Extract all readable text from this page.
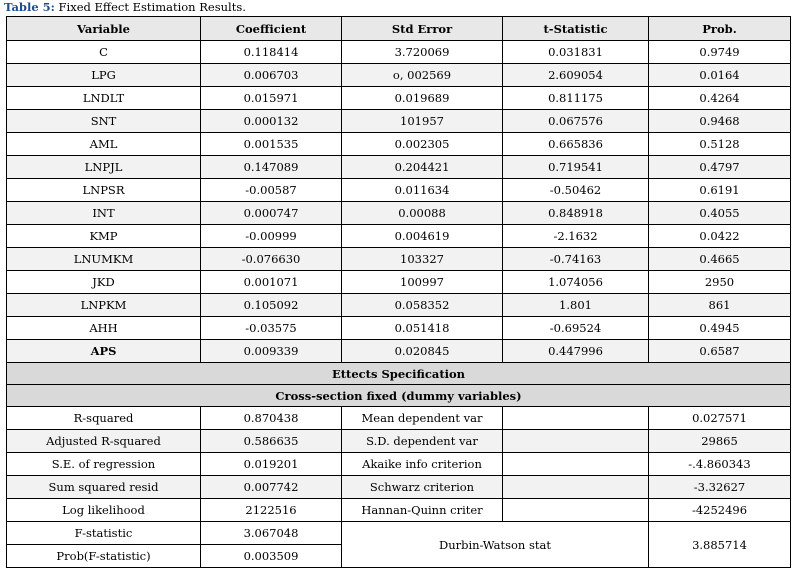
Table 5: Fixed Effect Estimation Results.
Variable	Coefficient	Std Error	t-Statistic	Prob.
C	0.118414	3.720069	0.031831	0.9749
LPG	0.006703	o, 002569	2.609054	0.0164
LNDLT	0.015971	0.019689	0.811175	0.4264
SNT	0.000132	101957	0.067576	0.9468
AML	0.001535	0.002305	0.665836	0.5128
LNPJL	0.147089	0.204421	0.719541	0.4797
LNPSR	-0.00587	0.011634	-0.50462	0.6191
INT	0.000747	0.00088	0.848918	0.4055
KMP	-0.00999	0.004619	-2.1632	0.0422
LNUMKM	-0.076630	103327	-0.74163	0.4665
JKD	0.001071	100997	1.074056	2950
LNPKM	0.105092	0.058352	1.801	861
AHH	-0.03575	0.051418	-0.69524	0.4945
APS	0.009339	0.020845	0.447996	0.6587
Ettects Specification				
Cross-section fixed (dummy variables)				
R-squared	0.870438	Mean dependent var		0.027571
Adjusted R-squared	0.586635	S.D. dependent var		29865
S.E. of regression	0.019201	Akaike info criterion		-.4.860343
Sum squared resid	0.007742	Schwarz criterion		-3.32627
Log likelihood	2122516	Hannan-Quinn criter		-4252496
F-statistic	3.067048	Durbin-Watson stat		3.885714
Prob(F-statistic)	0.003509			
